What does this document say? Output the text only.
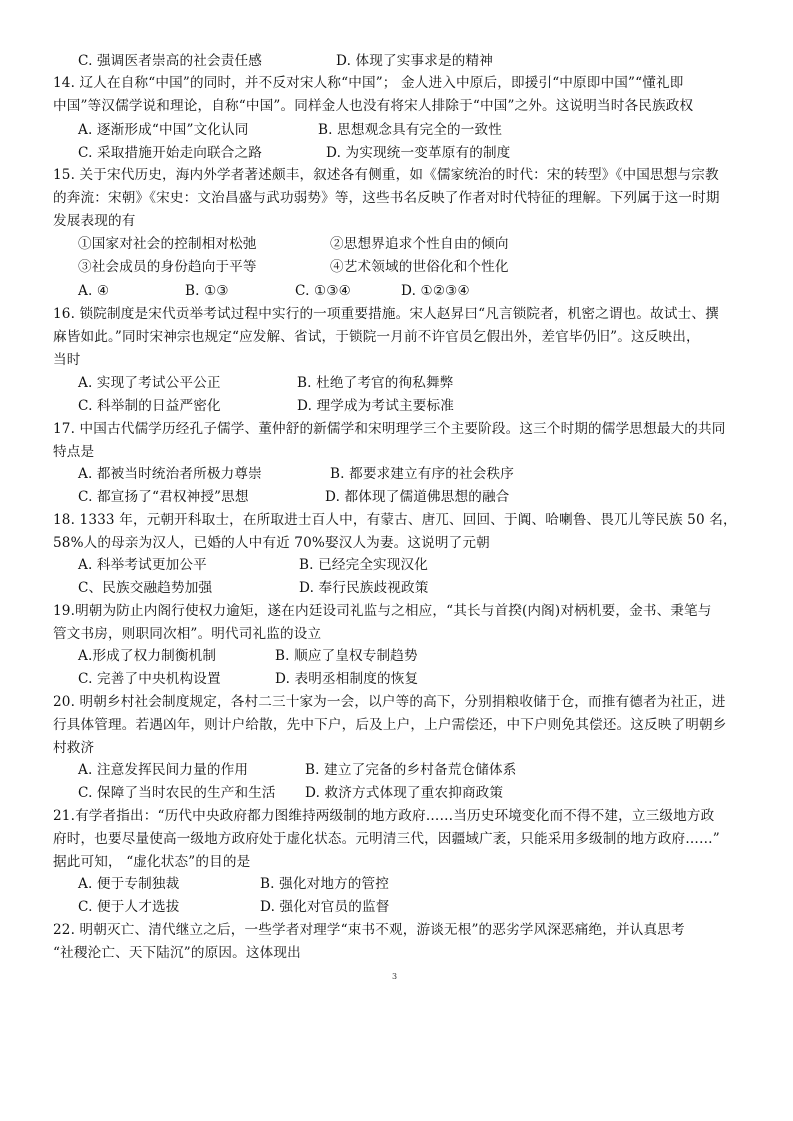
C. 强调医者崇高的社会责任感	D. 体现了实事求是的精神
14. 辽人在自称“中国”的同时，并不反对宋人称“中国”； 金人进入中原后，即援引“中原即中国”“懂礼即
中国”等汉儒学说和理论，自称“中国”。同样金人也没有将宋人排除于“中国”之外。这说明当时各民族政权
A. 逐渐形成“中国”文化认同	B. 思想观念具有完全的一致性
C. 采取措施开始走向联合之路	D. 为实现统一变革原有的制度
15. 关于宋代历史，海内外学者著述颇丰，叙述各有侧重，如《儒家统治的时代：宋的转型》《中国思想与宗教
的奔流：宋朝》《宋史：文治昌盛与武功弱势》等，这些书名反映了作者对时代特征的理解。下列属于这一时期
发展表现的有
①国家对社会的控制相对松弛	②思想界追求个性自由的倾向
③社会成员的身份趋向于平等	④艺术领域的世俗化和个性化
A. ④	B. ①③	C. ①③④	D. ①②③④
16. 锁院制度是宋代贡举考试过程中实行的一项重要措施。宋人赵昇曰“凡言锁院者，机密之谓也。故试士、撰
麻皆如此。”同时宋神宗也规定“应发解、省试，于锁院一月前不许官员乞假出外，差官毕仍旧”。这反映出，
当时
A. 实现了考试公平公正	B. 杜绝了考官的徇私舞弊
C. 科举制的日益严密化	D. 理学成为考试主要标准
17. 中国古代儒学历经孔子儒学、董仲舒的新儒学和宋明理学三个主要阶段。这三个时期的儒学思想最大的共同
特点是
A. 都被当时统治者所极力尊崇	B. 都要求建立有序的社会秩序
C. 都宣扬了“君权神授”思想	D. 都体现了儒道佛思想的融合
18. 1333 年，元朝开科取士，在所取进士百人中，有蒙古、唐兀、回回、于阗、哈喇鲁、畏兀儿等民族 50 名，
58%人的母亲为汉人，已婚的人中有近 70%娶汉人为妻。这说明了元朝
A. 科举考试更加公平	B. 已经完全实现汉化
C、民族交融趋势加强	D. 奉行民族歧视政策
19.明朝为防止内阁行使权力逾矩，遂在内廷设司礼监与之相应，“其长与首揆(内阁)对柄机要，金书、秉笔与
管文书房，则职同次相”。明代司礼监的设立
A.形成了权力制衡机制	B. 顺应了皇权专制趋势
C. 完善了中央机构设置	D. 表明丞相制度的恢复
20. 明朝乡村社会制度规定，各村二三十家为一会，以户等的高下，分别捐粮收储于仓，而推有德者为社正，进
行具体管理。若遇凶年，则计户给散，先中下户，后及上户，上户需偿还，中下户则免其偿还。这反映了明朝乡
村救济
A. 注意发挥民间力量的作用	B. 建立了完备的乡村备荒仓储体系
C. 保障了当时农民的生产和生活 D. 救济方式体现了重农抑商政策
21.有学者指出：“历代中央政府都力图维持两级制的地方政府……当历史环境变化而不得不建，立三级地方政
府时，也要尽量使高一级地方政府处于虚化状态。元明清三代，因疆域广袤，只能采用多级制的地方政府……”
据此可知， “虚化状态”的目的是
A. 便于专制独裁	B. 强化对地方的管控
C. 便于人才选拔	D. 强化对官员的监督
22. 明朝灭亡、清代继立之后，一些学者对理学“束书不观，游谈无根”的恶劣学风深恶痛绝，并认真思考
“社稷沦亡、天下陆沉”的原因。这体现出
3
